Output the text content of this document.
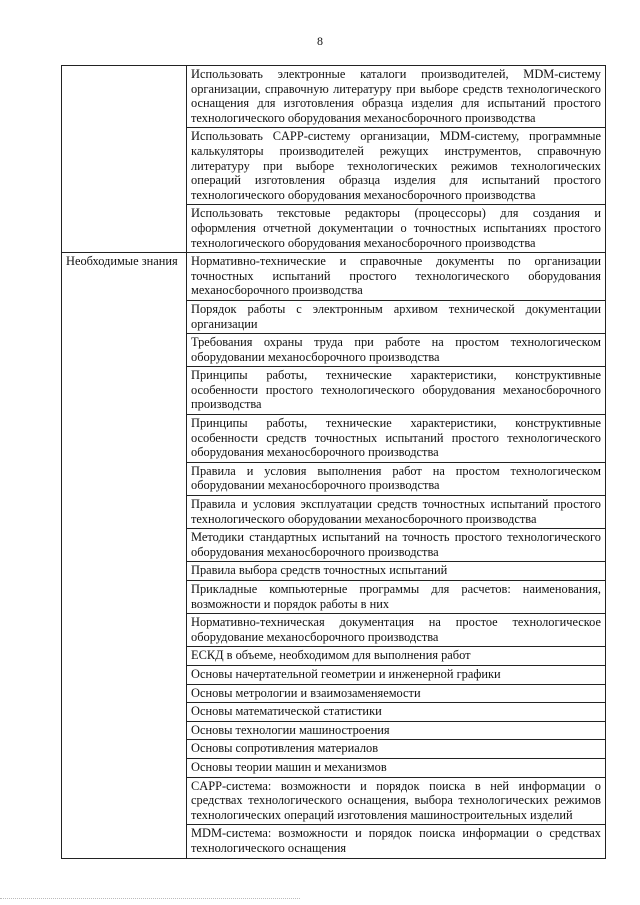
8
	Использовать электронные каталоги производителей, MDM-систему организации, справочную литературу при выборе средств технологического оснащения для изготовления образца изделия для испытаний простого технологического оборудования механосборочного производства
	Использовать CAPP-систему организации, MDM-систему, программные калькуляторы производителей режущих инструментов, справочную литературу при выборе технологических режимов технологических операций изготовления образца изделия для испытаний простого технологического оборудования механосборочного производства
	Использовать текстовые редакторы (процессоры) для создания и оформления отчетной документации о точностных испытаниях простого технологического оборудования механосборочного производства
Необходимые знания	Нормативно-технические и справочные документы по организации точностных испытаний простого технологического оборудования механосборочного производства
	Порядок работы с электронным архивом технической документации организации
	Требования охраны труда при работе на простом технологическом оборудовании механосборочного производства
	Принципы работы, технические характеристики, конструктивные особенности простого технологического оборудования механосборочного производства
	Принципы работы, технические характеристики, конструктивные особенности средств точностных испытаний простого технологического оборудования механосборочного производства
	Правила и условия выполнения работ на простом технологическом оборудовании механосборочного производства
	Правила и условия эксплуатации средств точностных испытаний простого технологического оборудовании механосборочного производства
	Методики стандартных испытаний на точность простого технологического оборудования механосборочного производства
	Правила выбора средств точностных испытаний
	Прикладные компьютерные программы для расчетов: наименования, возможности и порядок работы в них
	Нормативно-техническая документация на простое технологическое оборудование механосборочного производства
	ЕСКД в объеме, необходимом для выполнения работ
	Основы начертательной геометрии и инженерной графики
	Основы метрологии и взаимозаменяемости
	Основы математической статистики
	Основы технологии машиностроения
	Основы сопротивления материалов
	Основы теории машин и механизмов
	CAPP-система: возможности и порядок поиска в ней информации о средствах технологического оснащения, выбора технологических режимов технологических операций изготовления машиностроительных изделий
	MDM-система: возможности и порядок поиска информации о средствах технологического оснащения
